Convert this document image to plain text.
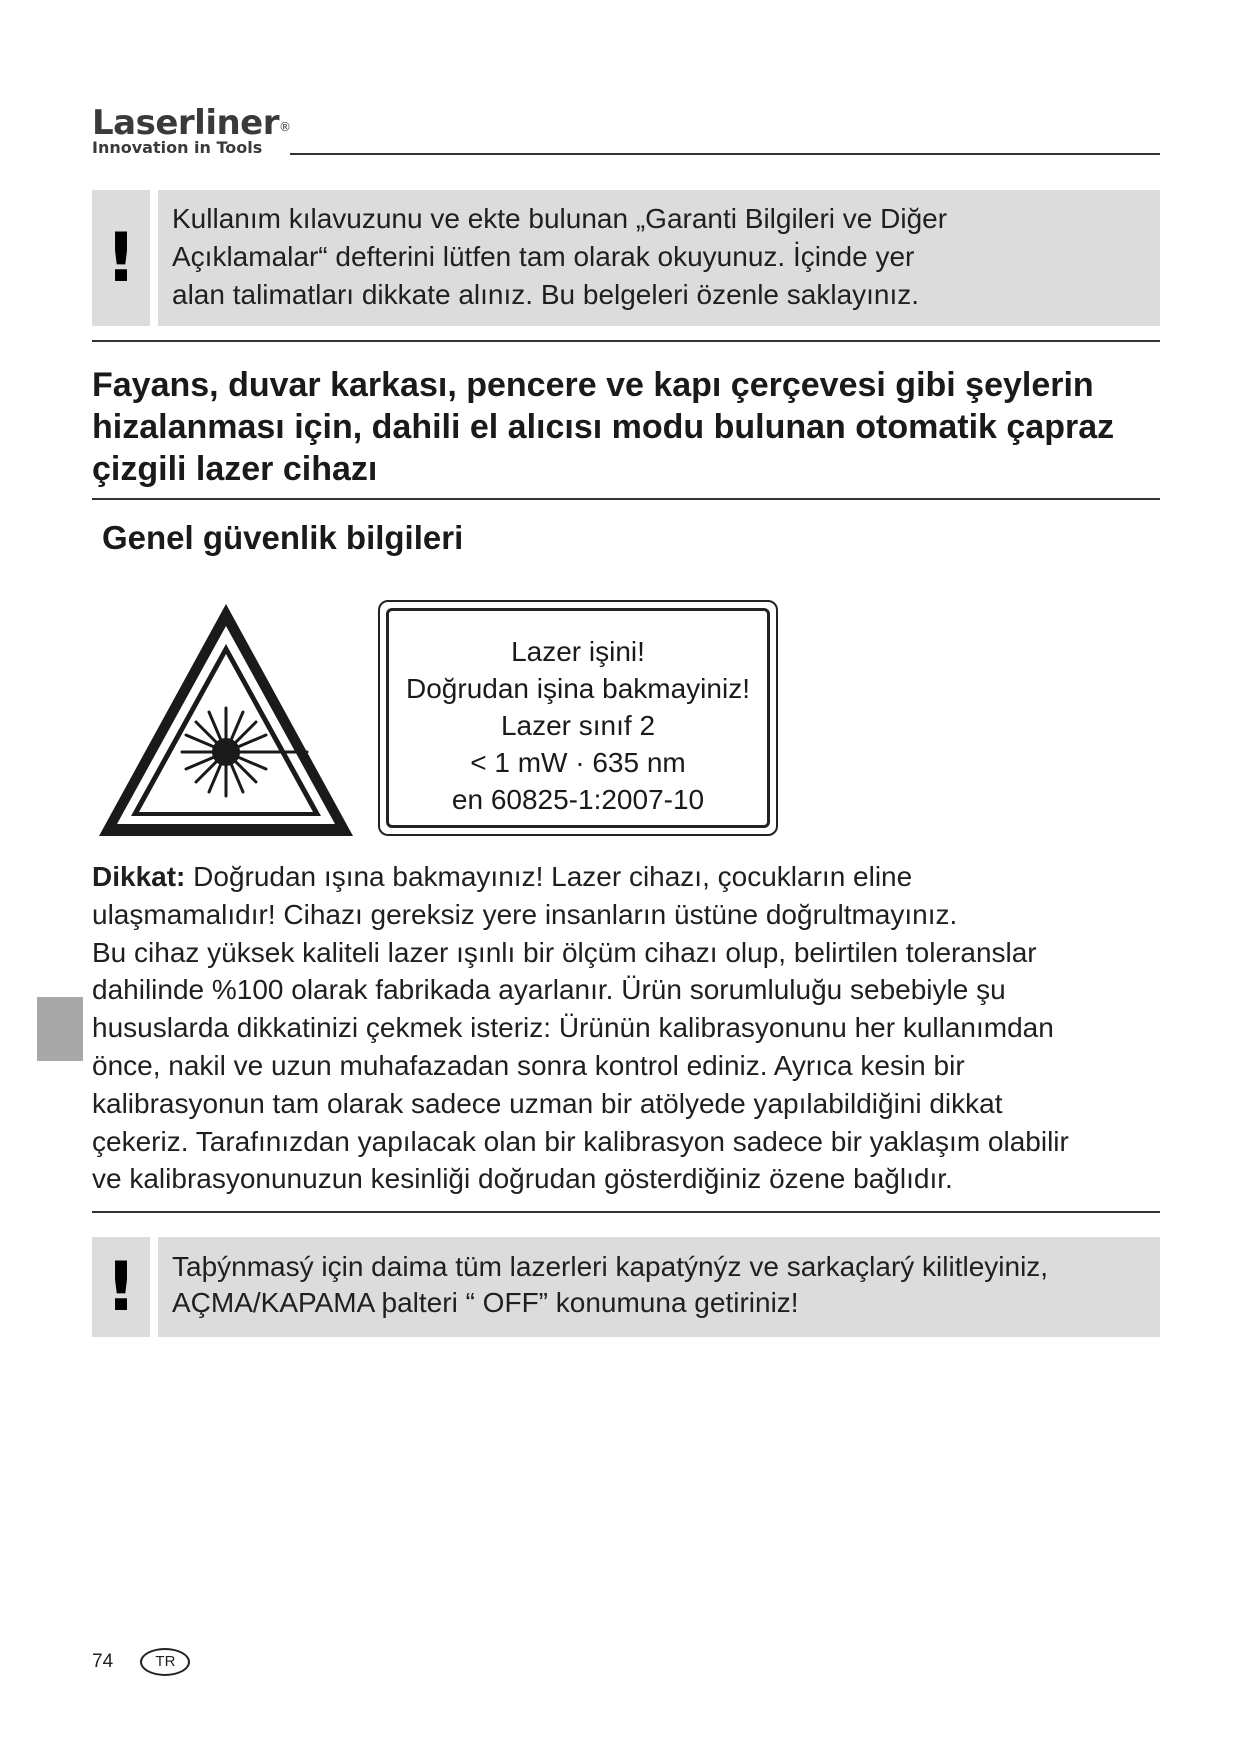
Laserliner®
Innovation in Tools
!	Kullanım kılavuzunu ve ekte bulunan „Garanti Bilgileri ve Diğer
Açıklamalar“ defterini lütfen tam olarak okuyunuz. İçinde yer
alan talimatları dikkate alınız. Bu belgeleri özenle saklayınız.
Fayans, duvar karkası, pencere ve kapı çerçevesi gibi şeylerin
hizalanması için, dahili el alıcısı modu bulunan otomatik çapraz
çizgili lazer cihazı
Genel güvenlik bilgileri
Lazer işini!
Doğrudan işina bakmayiniz!
Lazer sınıf 2
< 1 mW · 635 nm
en 60825-1:2007-10

Dikkat: Doğrudan ışına bakmayınız! Lazer cihazı, çocukların eline

ulaşmamalıdır! Cihazı gereksiz yere insanların üstüne doğrultmayınız.

Bu cihaz yüksek kaliteli lazer ışınlı bir ölçüm cihazı olup, belirtilen toleranslar

dahilinde %100 olarak fabrikada ayarlanır. Ürün sorumluluğu sebebiyle şu

hususlarda dikkatinizi çekmek isteriz: Ürünün kalibrasyonunu her kullanımdan

önce, nakil ve uzun muhafazadan sonra kontrol ediniz. Ayrıca kesin bir

kalibrasyonun tam olarak sadece uzman bir atölyede yapılabildiğini dikkat

çekeriz. Tarafınızdan yapılacak olan bir kalibrasyon sadece bir yaklaşım olabilir

ve kalibrasyonunuzun kesinliği doğrudan gösterdiğiniz özene bağlıdır.

!	Taþýnmasý için daima tüm lazerleri kapatýnýz ve sarkaçlarý kilitleyiniz,
AÇMA/KAPAMA þalteri “ OFF” konumuna getiriniz!
74	TR
